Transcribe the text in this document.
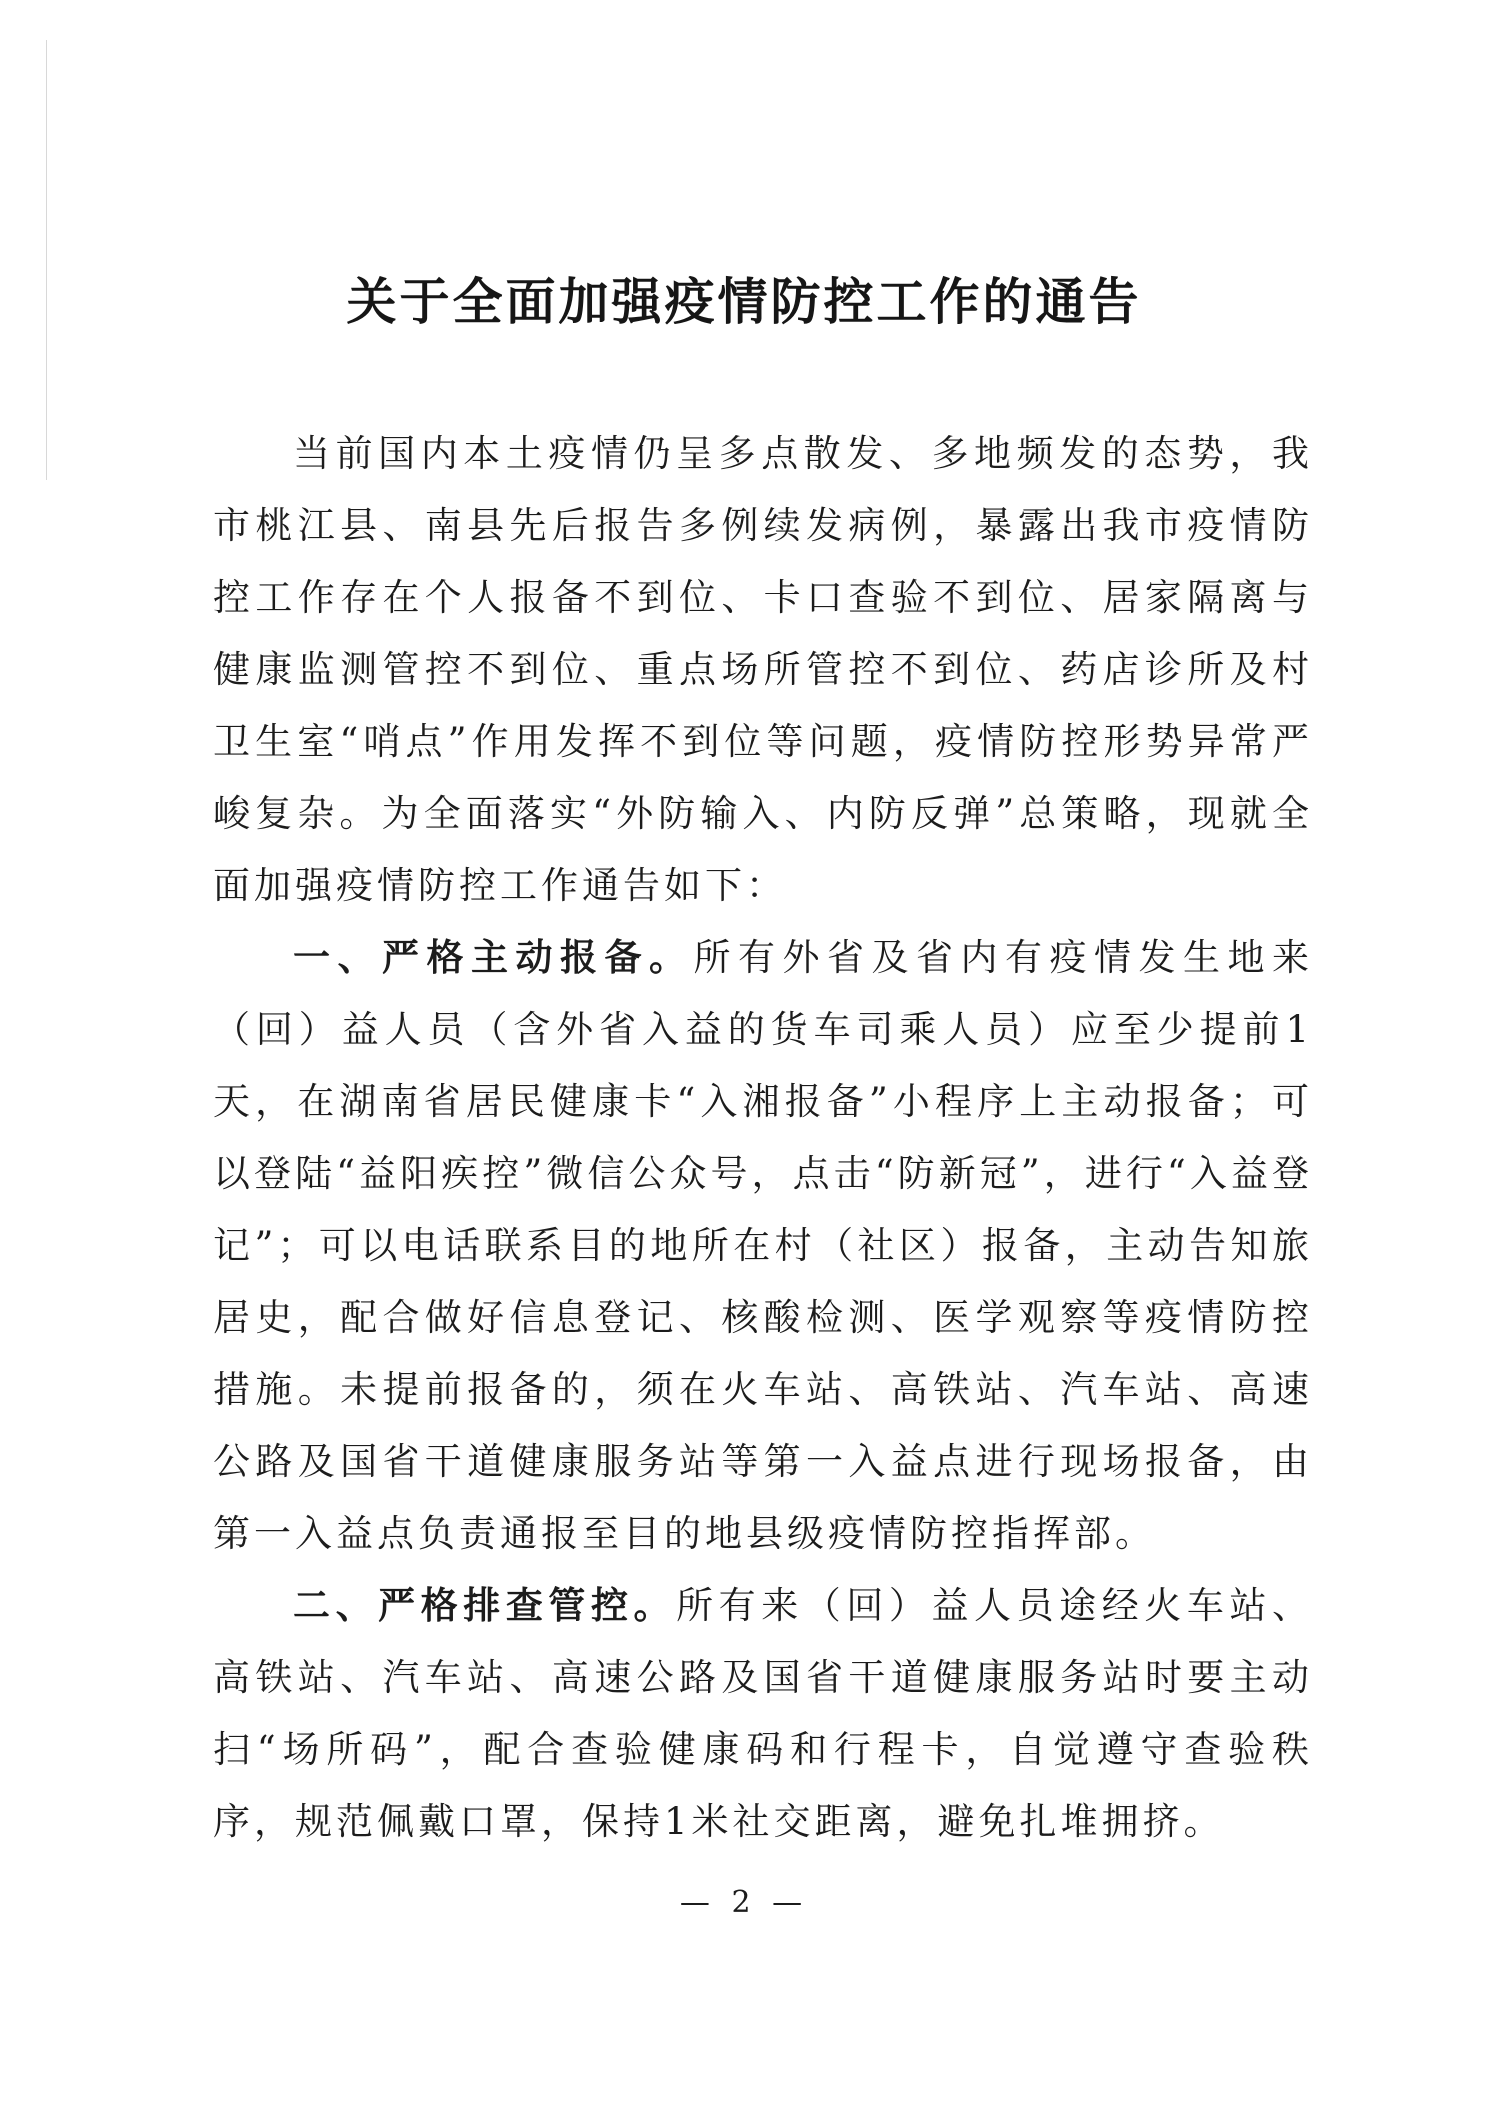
关于全面加强疫情防控工作的通告

当前国内本土疫情仍呈多点散发、多地频发的态势，我市桃江县、南县先后报告多例续发病例，暴露出我市疫情防控工作存在个人报备不到位、卡口查验不到位、居家隔离与健康监测管控不到位、重点场所管控不到位、药店诊所及村卫生室“哨点”作用发挥不到位等问题，疫情防控形势异常严峻复杂。为全面落实“外防输入、内防反弹”总策略，现就全面加强疫情防控工作通告如下：

一、严格主动报备。所有外省及省内有疫情发生地来（回）益人员（含外省入益的货车司乘人员）应至少提前1天，在湖南省居民健康卡“入湘报备”小程序上主动报备；可以登陆“益阳疾控”微信公众号，点击“防新冠”，进行“入益登记”；可以电话联系目的地所在村（社区）报备，主动告知旅居史，配合做好信息登记、核酸检测、医学观察等疫情防控措施。未提前报备的，须在火车站、高铁站、汽车站、高速公路及国省干道健康服务站等第一入益点进行现场报备，由第一入益点负责通报至目的地县级疫情防控指挥部。

二、严格排查管控。所有来（回）益人员途经火车站、高铁站、汽车站、高速公路及国省干道健康服务站时要主动扫“场所码”，配合查验健康码和行程卡，自觉遵守查验秩序，规范佩戴口罩，保持1米社交距离，避免扎堆拥挤。

— 2 —
